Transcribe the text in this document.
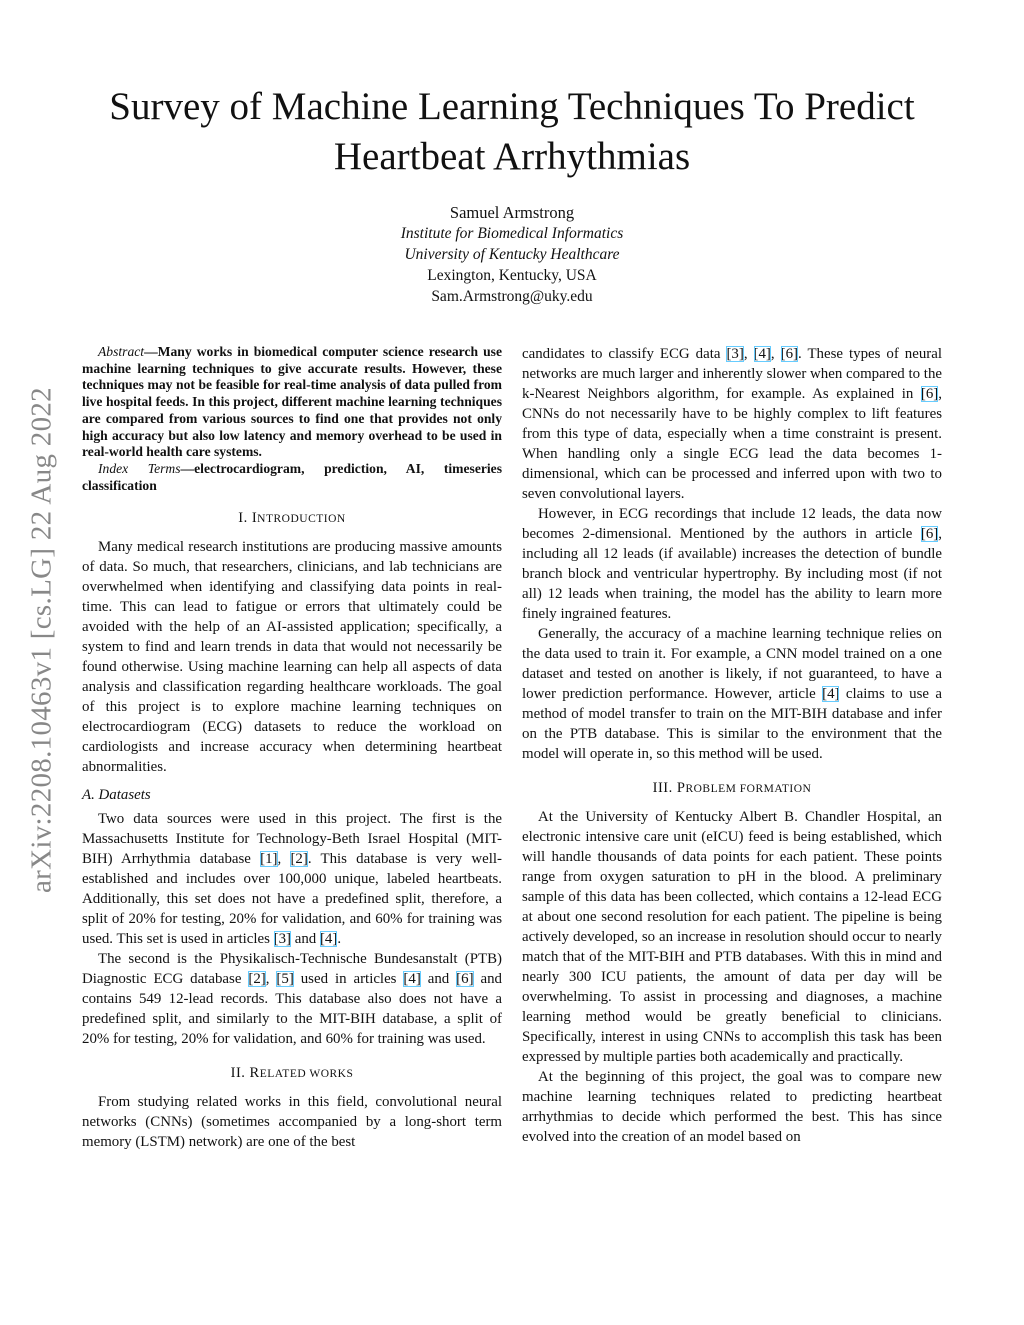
arXiv:2208.10463v1 [cs.LG] 22 Aug 2022
Survey of Machine Learning Techniques To Predict
Heartbeat Arrhythmias
Samuel Armstrong
Institute for Biomedical Informatics
University of Kentucky Healthcare
Lexington, Kentucky, USA
Sam.Armstrong@uky.edu

Abstract—Many works in biomedical computer science research use machine learning techniques to give accurate results. However, these techniques may not be feasible for real-time analysis of data pulled from live hospital feeds. In this project, different machine learning techniques are compared from various sources to find one that provides not only high accuracy but also low latency and memory overhead to be used in real-world health care systems.

Index Terms—electrocardiogram, prediction, AI, timeseries classification

I. INTRODUCTION

Many medical research institutions are producing massive amounts of data. So much, that researchers, clinicians, and lab technicians are overwhelmed when identifying and classifying data points in real-time. This can lead to fatigue or errors that ultimately could be avoided with the help of an AI-assisted application; specifically, a system to find and learn trends in data that would not necessarily be found otherwise. Using machine learning can help all aspects of data analysis and classification regarding healthcare workloads. The goal of this project is to explore machine learning techniques on electrocardiogram (ECG) datasets to reduce the workload on cardiologists and increase accuracy when determining heartbeat abnormalities.

A. Datasets

Two data sources were used in this project. The first is the Massachusetts Institute for Technology-Beth Israel Hospital (MIT-BIH) Arrhythmia database [1], [2]. This database is very well-established and includes over 100,000 unique, labeled heartbeats. Additionally, this set does not have a predefined split, therefore, a split of 20% for testing, 20% for validation, and 60% for training was used. This set is used in articles [3] and [4].

The second is the Physikalisch-Technische Bundesanstalt (PTB) Diagnostic ECG database [2], [5] used in articles [4] and [6] and contains 549 12-lead records. This database also does not have a predefined split, and similarly to the MIT-BIH database, a split of 20% for testing, 20% for validation, and 60% for training was used.

II. RELATED WORKS

From studying related works in this field, convolutional neural networks (CNNs) (sometimes accompanied by a long-short term memory (LSTM) network) are one of the best

candidates to classify ECG data [3], [4], [6]. These types of neural networks are much larger and inherently slower when compared to the k-Nearest Neighbors algorithm, for example. As explained in [6], CNNs do not necessarily have to be highly complex to lift features from this type of data, especially when a time constraint is present. When handling only a single ECG lead the data becomes 1-dimensional, which can be processed and inferred upon with two to seven convolutional layers.

However, in ECG recordings that include 12 leads, the data now becomes 2-dimensional. Mentioned by the authors in article [6], including all 12 leads (if available) increases the detection of bundle branch block and ventricular hypertrophy. By including most (if not all) 12 leads when training, the model has the ability to learn more finely ingrained features.

Generally, the accuracy of a machine learning technique relies on the data used to train it. For example, a CNN model trained on a one dataset and tested on another is likely, if not guaranteed, to have a lower prediction performance. However, article [4] claims to use a method of model transfer to train on the MIT-BIH database and infer on the PTB database. This is similar to the environment that the model will operate in, so this method will be used.

III. PROBLEM FORMATION

At the University of Kentucky Albert B. Chandler Hospital, an electronic intensive care unit (eICU) feed is being established, which will handle thousands of data points for each patient. These points range from oxygen saturation to pH in the blood. A preliminary sample of this data has been collected, which contains a 12-lead ECG at about one second resolution for each patient. The pipeline is being actively developed, so an increase in resolution should occur to nearly match that of the MIT-BIH and PTB databases. With this in mind and nearly 300 ICU patients, the amount of data per day will be overwhelming. To assist in processing and diagnoses, a machine learning method would be greatly beneficial to clinicians. Specifically, interest in using CNNs to accomplish this task has been expressed by multiple parties both academically and practically.

At the beginning of this project, the goal was to compare new machine learning techniques related to predicting heartbeat arrhythmias to decide which performed the best. This has since evolved into the creation of an model based on
